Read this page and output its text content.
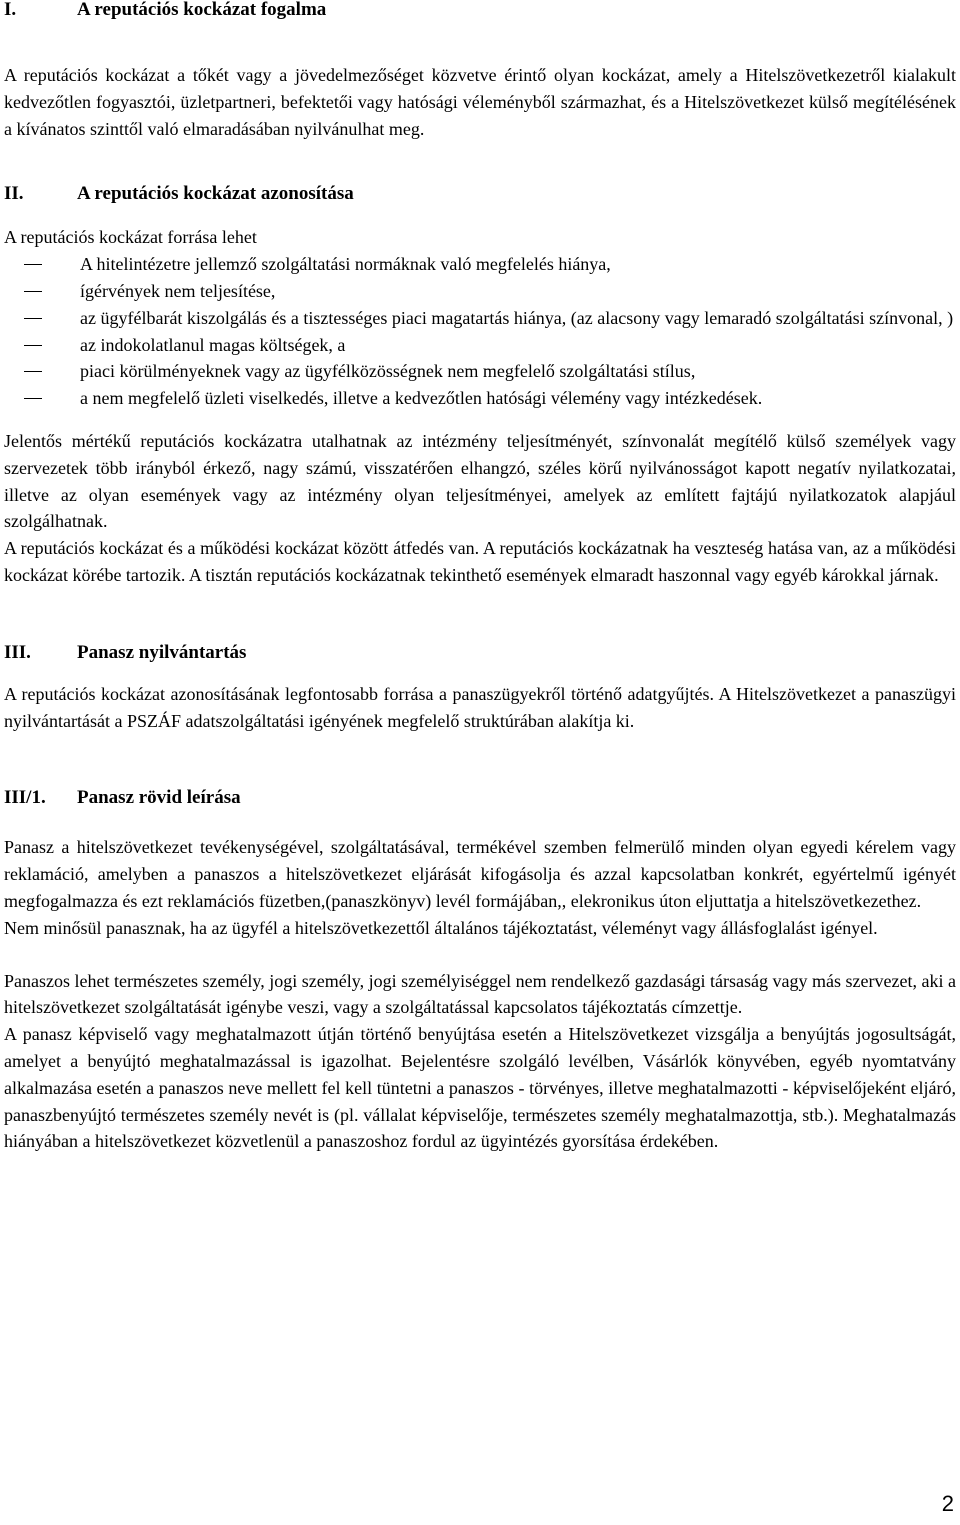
I.	A reputációs kockázat fogalma

A reputációs kockázat a tőkét vagy a jövedelmezőséget közvetve érintő olyan kockázat, amely a Hitelszövetkezetről kialakult kedvezőtlen fogyasztói, üzletpartneri, befektetői vagy hatósági véleményből származhat, és a Hitelszövetkezet külső megítélésének a kívánatos szinttől való elmaradásában nyilvánulhat meg.

II.	A reputációs kockázat azonosítása

A reputációs kockázat forrása lehet

A hitelintézetre jellemző szolgáltatási normáknak való megfelelés hiánya,
ígérvények nem teljesítése,
az ügyfélbarát kiszolgálás és a tisztességes piaci magatartás hiánya, (az alacsony vagy lemaradó szolgáltatási színvonal, )
az indokolatlanul magas költségek, a
piaci körülményeknek vagy az ügyfélközösségnek nem megfelelő szolgáltatási stílus,
a nem megfelelő üzleti viselkedés, illetve a kedvezőtlen hatósági vélemény vagy intézkedések.

Jelentős mértékű reputációs kockázatra utalhatnak az intézmény teljesítményét, színvonalát megítélő külső személyek vagy szervezetek több irányból érkező, nagy számú, visszatérően elhangzó, széles körű nyilvánosságot kapott negatív nyilatkozatai, illetve az olyan események vagy az intézmény olyan teljesítményei, amelyek az említett fajtájú nyilatkozatok alapjául szolgálhatnak.

A reputációs kockázat és a működési kockázat között átfedés van. A reputációs kockázatnak ha veszteség hatása van, az a működési kockázat körébe tartozik. A tisztán reputációs kockázatnak tekinthető események elmaradt haszonnal vagy egyéb károkkal járnak.

III.	Panasz nyilvántartás

A reputációs kockázat azonosításának legfontosabb forrása a panaszügyekről történő adatgyűjtés. A Hitelszövetkezet a panaszügyi nyilvántartását a PSZÁF adatszolgáltatási igényének megfelelő struktúrában alakítja ki.

III/1.	Panasz rövid leírása

Panasz a hitelszövetkezet tevékenységével, szolgáltatásával, termékével szemben felmerülő minden olyan egyedi kérelem vagy reklamáció, amelyben a panaszos a hitelszövetkezet eljárását kifogásolja és azzal kapcsolatban konkrét, egyértelmű igényét megfogalmazza és ezt reklamációs füzetben,(panaszkönyv) levél formájában,, elekronikus úton eljuttatja a hitelszövetkezethez.

Nem minősül panasznak, ha az ügyfél a hitelszövetkezettől általános tájékoztatást, véleményt vagy állásfoglalást igényel.

Panaszos lehet természetes személy, jogi személy, jogi személyiséggel nem rendelkező gazdasági társaság vagy más szervezet, aki a hitelszövetkezet szolgáltatását igénybe veszi, vagy a szolgáltatással kapcsolatos tájékoztatás címzettje.

A panasz képviselő vagy meghatalmazott útján történő benyújtása esetén a Hitelszövetkezet vizsgálja a benyújtás jogosultságát, amelyet a benyújtó meghatalmazással is igazolhat. Bejelentésre szolgáló levélben, Vásárlók könyvében, egyéb nyomtatvány alkalmazása esetén a panaszos neve mellett fel kell tüntetni a panaszos - törvényes, illetve meghatalmazotti - képviselőjeként eljáró, panaszbenyújtó természetes személy nevét is (pl. vállalat képviselője, természetes személy meghatalmazottja, stb.). Meghatalmazás hiányában a hitelszövetkezet közvetlenül a panaszoshoz fordul az ügyintézés gyorsítása érdekében.

2
